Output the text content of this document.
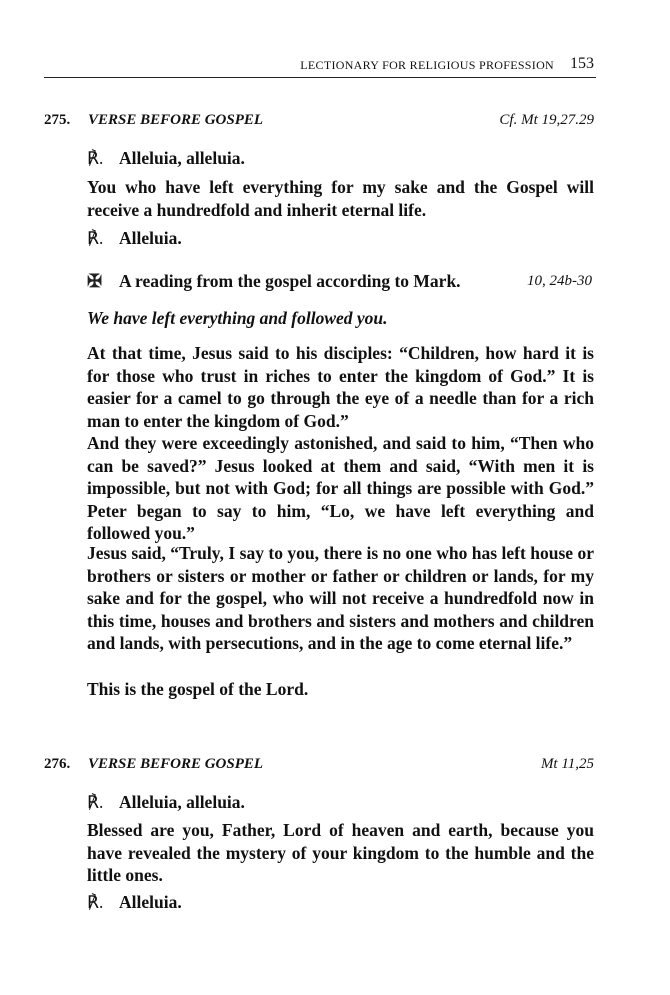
LECTIONARY FOR RELIGIOUS PROFESSION 153
275. VERSE BEFORE GOSPEL	Cf. Mt 19,27.29

℟. Alleluia, alleluia.

You who have left everything for my sake and the Gospel will receive a hundredfold and inherit eternal life.

℟. Alleluia.

✠ A reading from the gospel according to Mark.	10, 24b-30

We have left everything and followed you.

At that time, Jesus said to his disciples: “Children, how hard it is for those who trust in riches to enter the kingdom of God.” It is easier for a camel to go through the eye of a needle than for a rich man to enter the kingdom of God.”

And they were exceedingly astonished, and said to him, “Then who can be saved?” Jesus looked at them and said, “With men it is impossible, but not with God; for all things are possible with God.” Peter began to say to him, “Lo, we have left everything and followed you.”

Jesus said, “Truly, I say to you, there is no one who has left house or brothers or sisters or mother or father or children or lands, for my sake and for the gospel, who will not receive a hundredfold now in this time, houses and brothers and sisters and mothers and children and lands, with persecutions, and in the age to come eternal life.”

This is the gospel of the Lord.

276. VERSE BEFORE GOSPEL	Mt 11,25

℟. Alleluia, alleluia.

Blessed are you, Father, Lord of heaven and earth, because you have revealed the mystery of your kingdom to the humble and the little ones.

℟. Alleluia.
